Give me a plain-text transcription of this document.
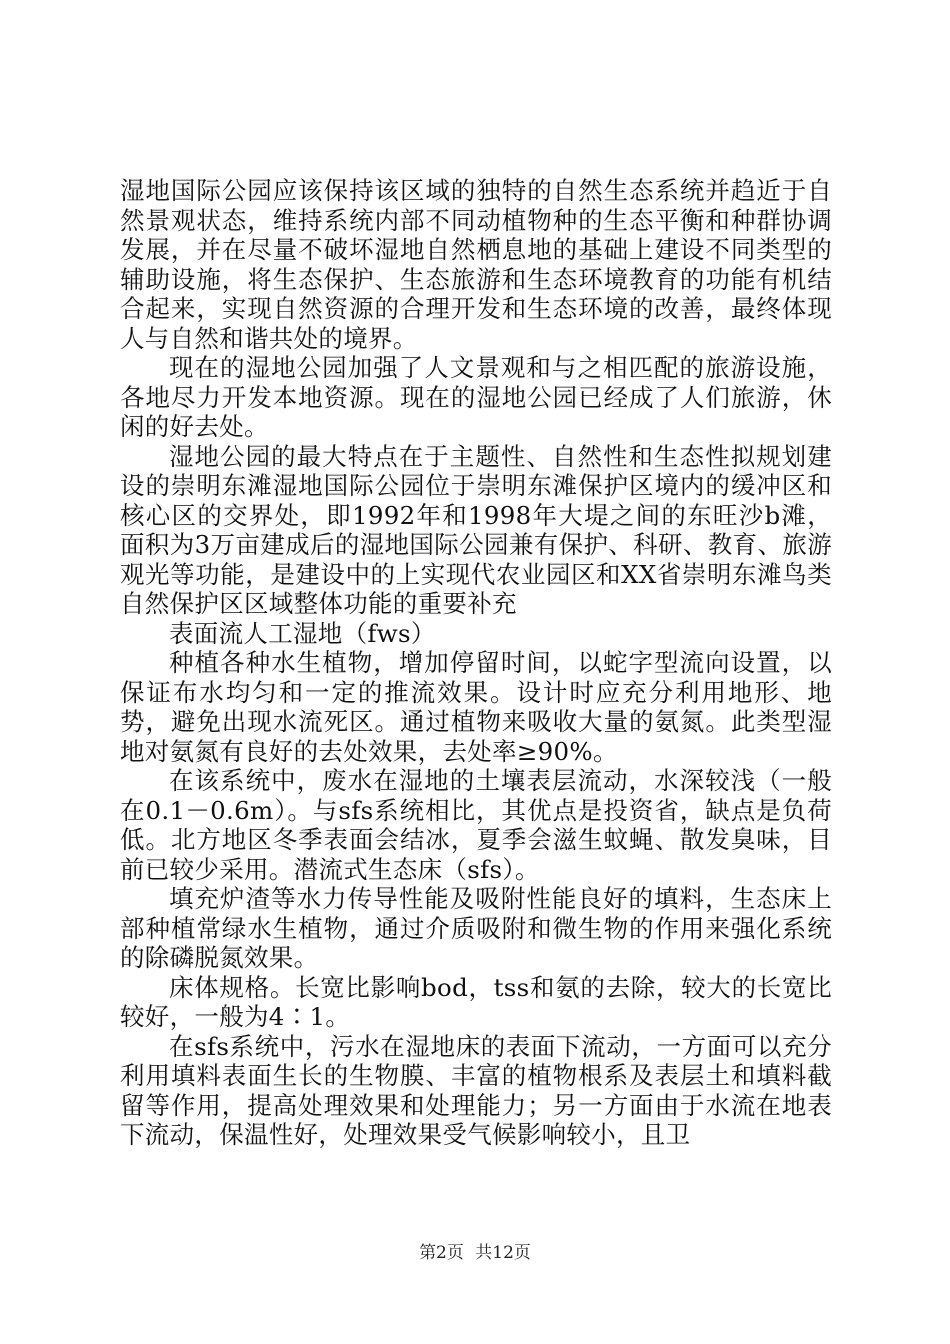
湿地国际公园应该保持该区域的独特的自然生态系统并趋近于自然景观状态，维持系统内部不同动植物种的生态平衡和种群协调发展，并在尽量不破坏湿地自然栖息地的基础上建设不同类型的辅助设施，将生态保护、生态旅游和生态环境教育的功能有机结合起来，实现自然资源的合理开发和生态环境的改善，最终体现人与自然和谐共处的境界。

现在的湿地公园加强了人文景观和与之相匹配的旅游设施，各地尽力开发本地资源。现在的湿地公园已经成了人们旅游，休闲的好去处。

湿地公园的最大特点在于主题性、自然性和生态性拟规划建设的崇明东滩湿地国际公园位于崇明东滩保护区境内的缓冲区和核心区的交界处，即1992年和1998年大堤之间的东旺沙b滩，面积为3万亩建成后的湿地国际公园兼有保护、科研、教育、旅游观光等功能，是建设中的上实现代农业园区和XX省崇明东滩鸟类自然保护区区域整体功能的重要补充

表面流人工湿地（fws）

种植各种水生植物，增加停留时间，以蛇字型流向设置，以保证布水均匀和一定的推流效果。设计时应充分利用地形、地势，避免出现水流死区。通过植物来吸收大量的氨氮。此类型湿地对氨氮有良好的去处效果，去处率≥90%。

在该系统中，废水在湿地的土壤表层流动，水深较浅（一般在0.1－0.6m）。与sfs系统相比，其优点是投资省，缺点是负荷低。北方地区冬季表面会结冰，夏季会滋生蚊蝇、散发臭味，目前已较少采用。潜流式生态床（sfs）。

填充炉渣等水力传导性能及吸附性能良好的填料，生态床上部种植常绿水生植物，通过介质吸附和微生物的作用来强化系统的除磷脱氮效果。

床体规格。长宽比影响bod，tss和氨的去除，较大的长宽比较好，一般为4∶1。

在sfs系统中，污水在湿地床的表面下流动，一方面可以充分利用填料表面生长的生物膜、丰富的植物根系及表层土和填料截留等作用，提高处理效果和处理能力；另一方面由于水流在地表下流动，保温性好，处理效果受气候影响较小，且卫

第2页 共12页
